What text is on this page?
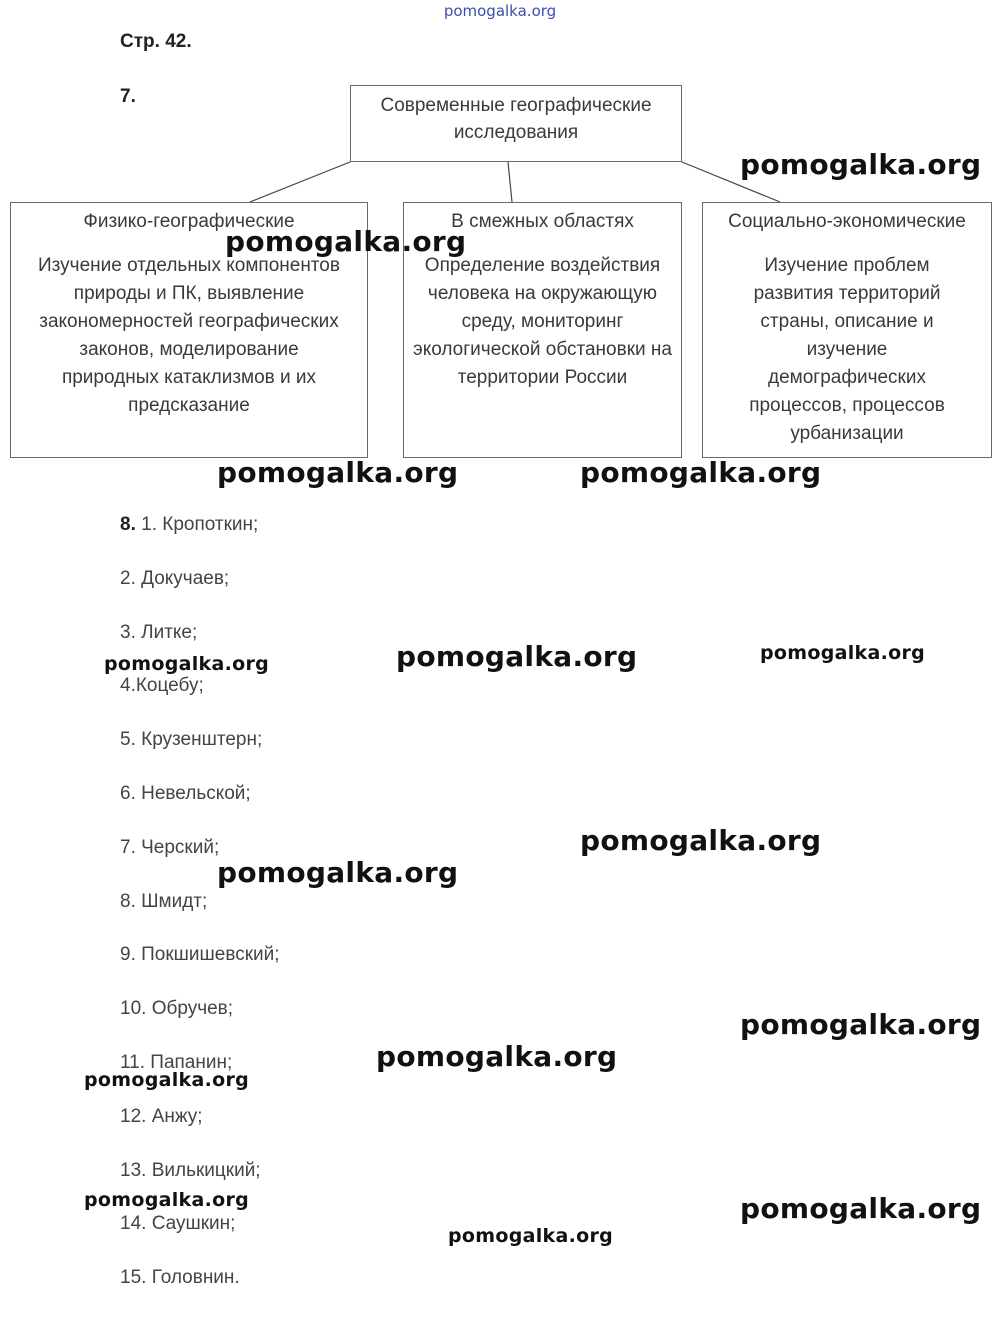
pomogalka.org
Стр. 42.
7.	Современные географические исследования
Физико-географические
Изучение отдельных компонентов природы и ПК, выявление закономерностей географических законов, моделирование природных катаклизмов и их предсказание
В смежных областях
Определение воздействия человека на окружающую среду, мониторинг экологической обстановки на территории России
Социально-экономические
Изучение проблем развития территорий страны, описание и изучение демографических процессов, процессов урбанизации
8. 1. Кропоткин;
2. Докучаев;
3. Литке;
4.Коцебу;
5. Крузенштерн;
6. Невельской;
7. Черский;
8. Шмидт;
9. Покшишевский;
10. Обручев;
11. Папанин;
12. Анжу;
13. Вилькицкий;
14. Саушкин;
15. Головнин.
pomogalka.org
pomogalka.org
pomogalka.org	pomogalka.org
pomogalka.org
pomogalka.org	pomogalka.org
pomogalka.org
pomogalka.org
pomogalka.org
pomogalka.org
pomogalka.org
pomogalka.org	pomogalka.org
pomogalka.org
